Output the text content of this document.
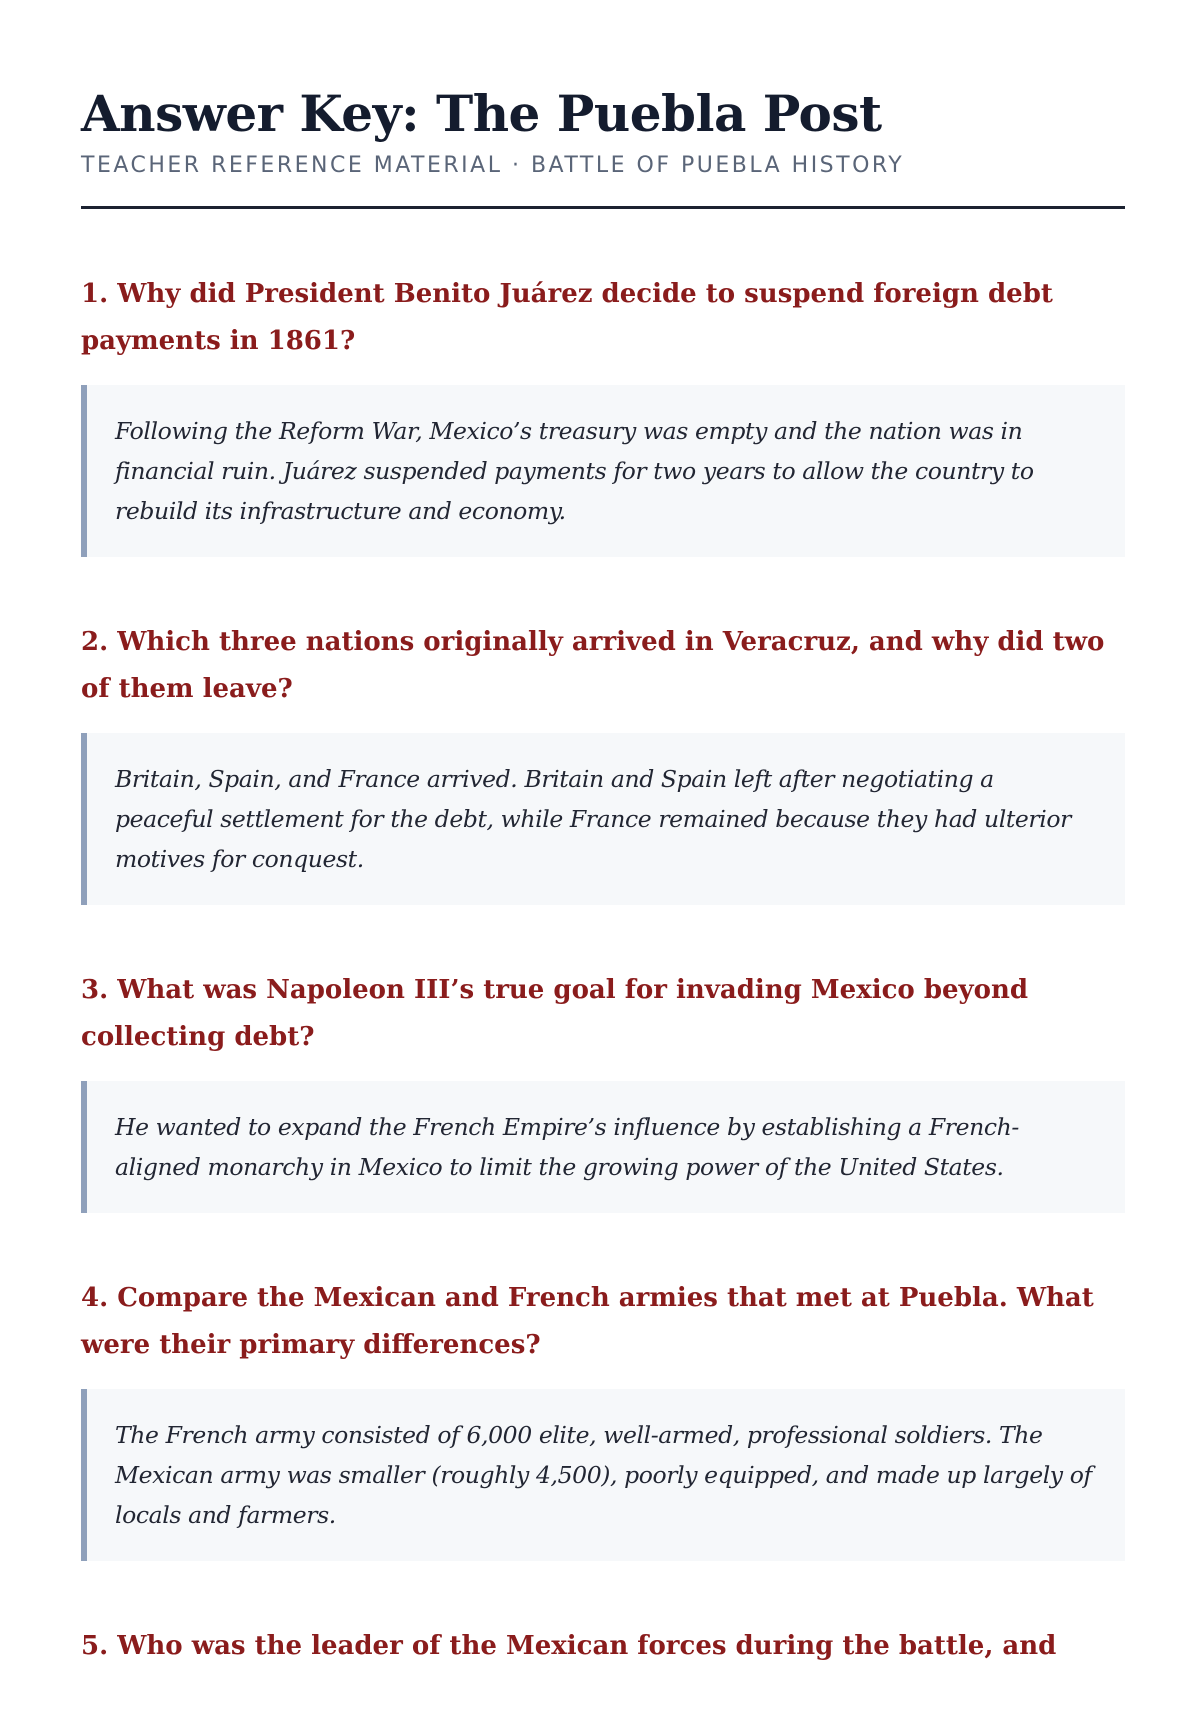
Answer Key: The Puebla Post
TEACHER REFERENCE MATERIAL · BATTLE OF PUEBLA HISTORY
1. Why did President Benito Juárez decide to suspend foreign debt payments in 1861?

Following the Reform War, Mexico’s treasury was empty and the nation was in financial ruin. Juárez suspended payments for two years to allow the country to rebuild its infrastructure and economy.

2. Which three nations originally arrived in Veracruz, and why did two of them leave?

Britain, Spain, and France arrived. Britain and Spain left after negotiating a peaceful settlement for the debt, while France remained because they had ulterior motives for conquest.

3. What was Napoleon III’s true goal for invading Mexico beyond collecting debt?

He wanted to expand the French Empire’s influence by establishing a French-aligned monarchy in Mexico to limit the growing power of the United States.

4. Compare the Mexican and French armies that met at Puebla. What were their primary differences?

The French army consisted of 6,000 elite, well-armed, professional soldiers. The Mexican army was smaller (roughly 4,500), poorly equipped, and made up largely of locals and farmers.

5. Who was the leader of the Mexican forces during the battle, and
